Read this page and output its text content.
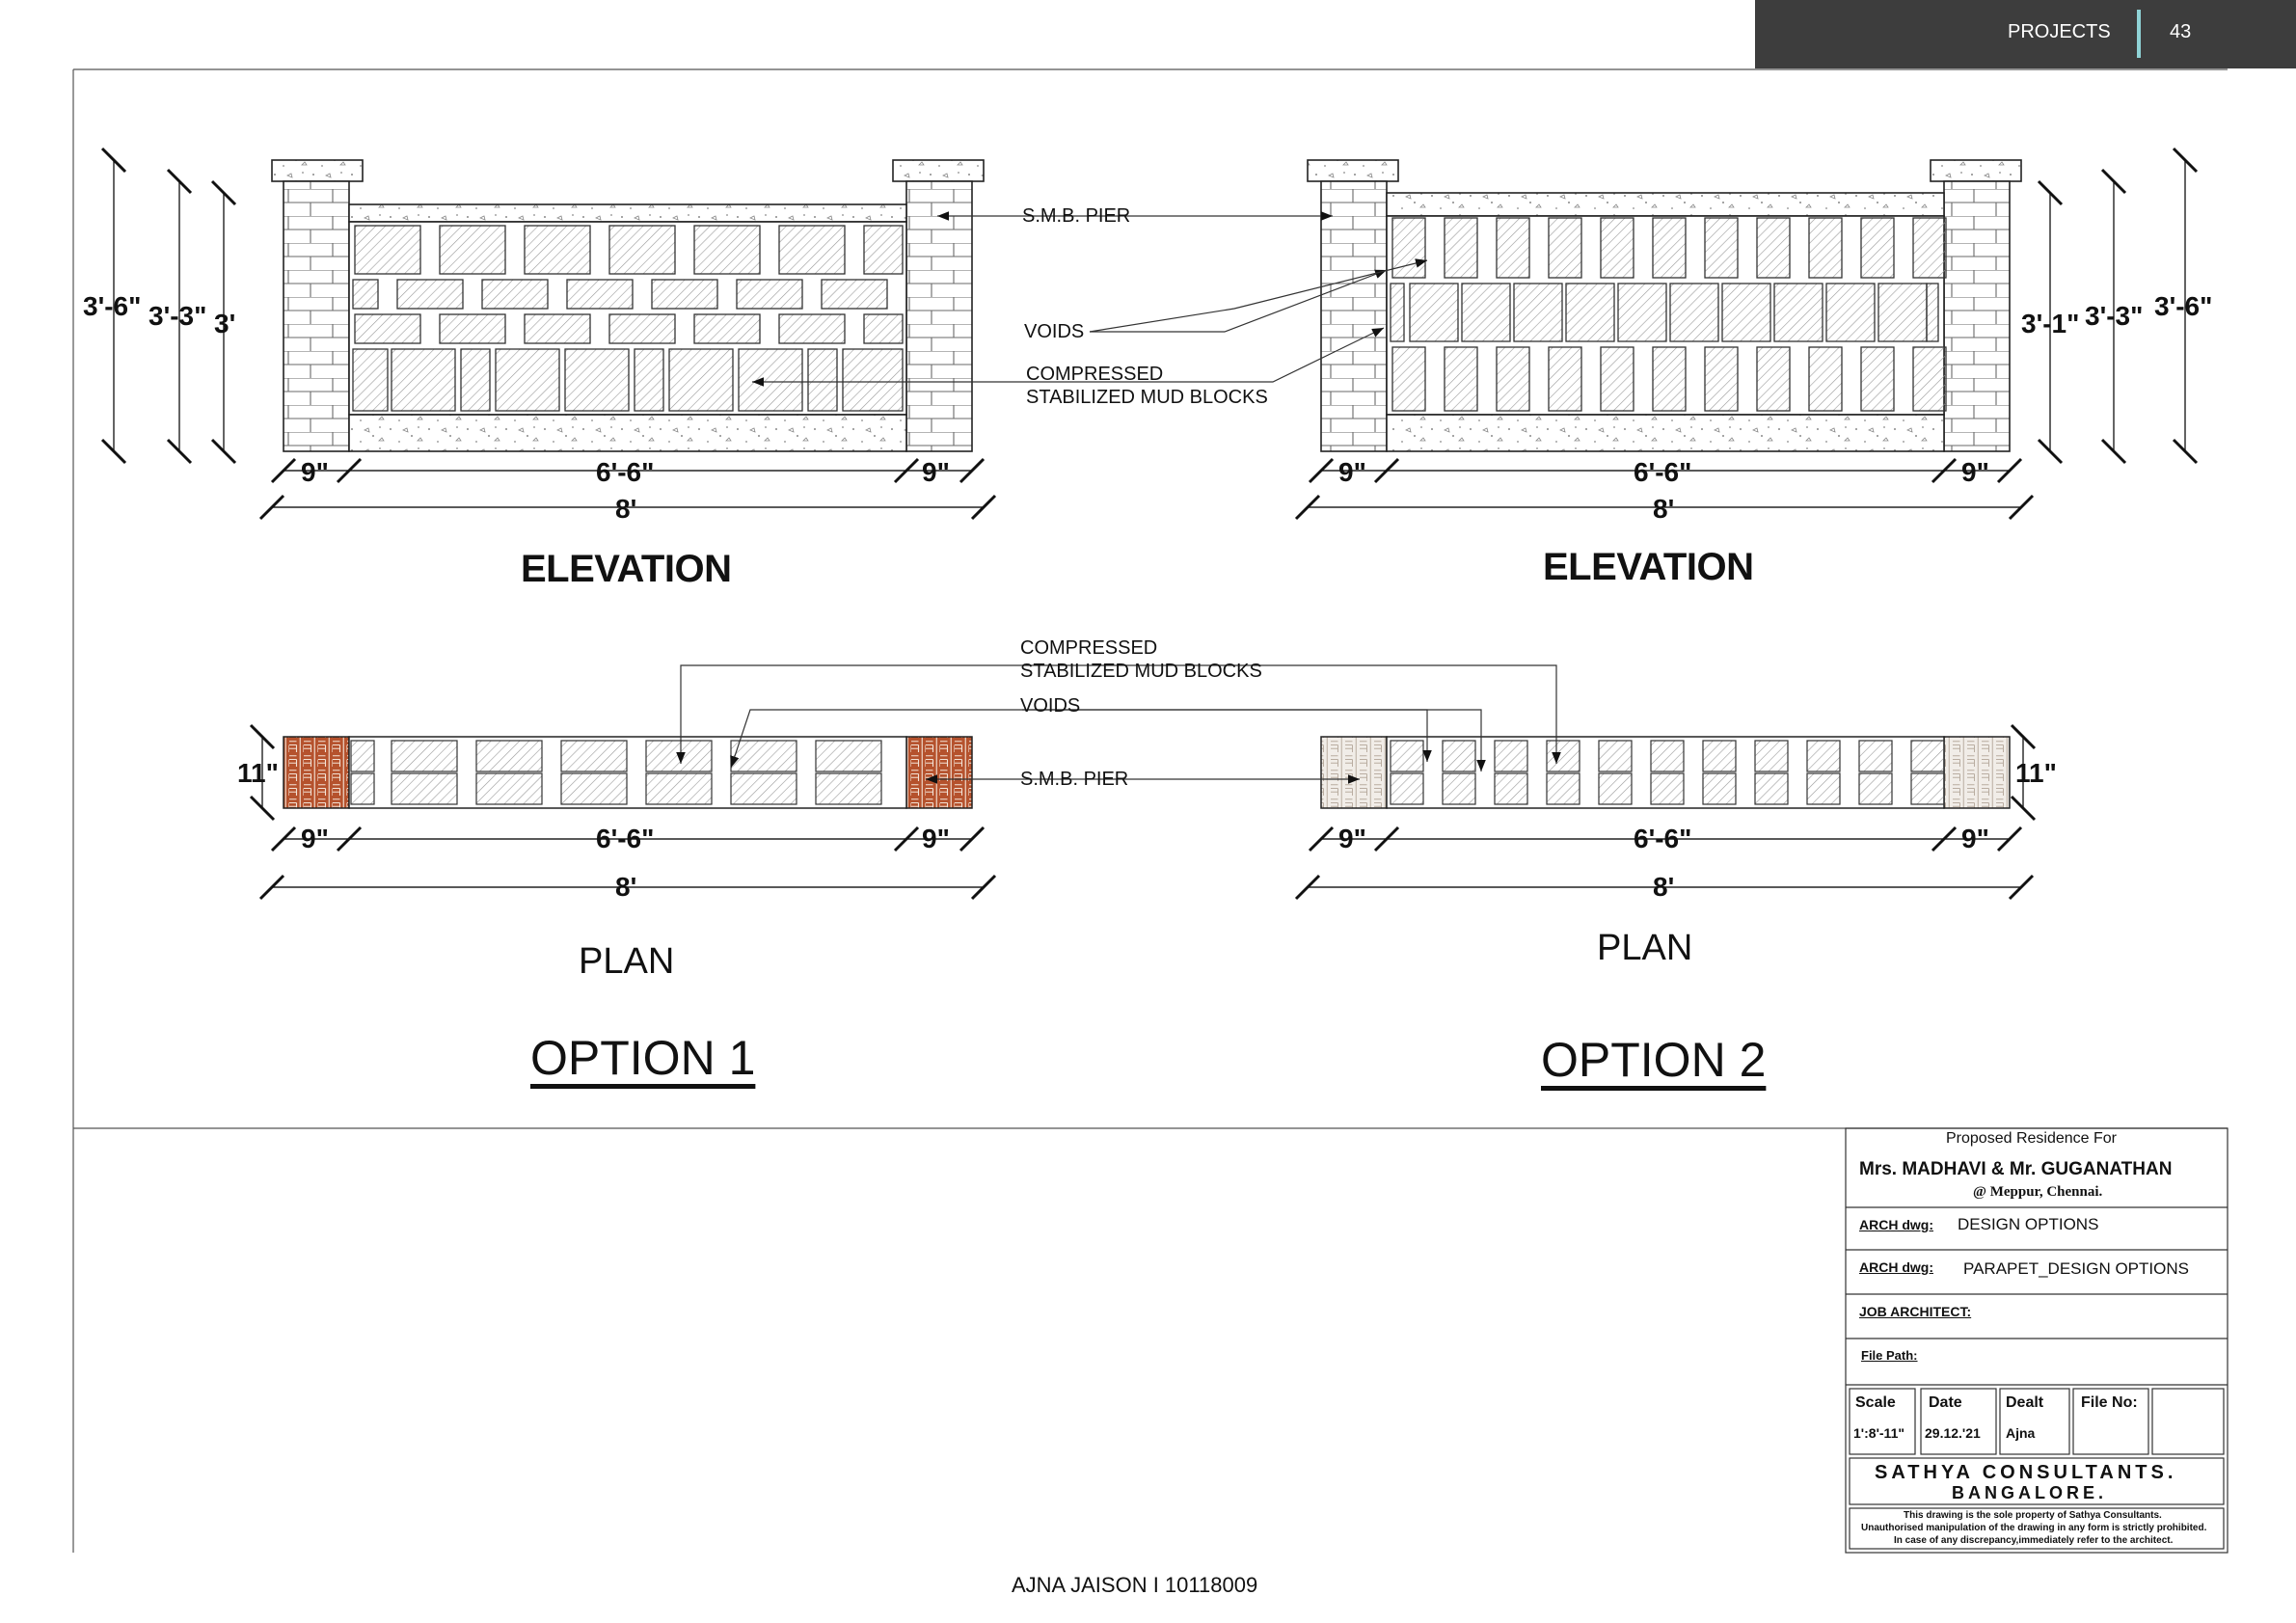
PROJECTS	43
ELEVATION
PLAN
OPTION 1
3'-6" 3'-3" 3'
9"	6'-6"	9"
8'
11"
9"	6'-6"	9"
8'
ELEVATION
PLAN
OPTION 2
3'-1" 3'-3" 3'-6"
9"	6'-6"	9"
8'
11"
9"	6'-6"	9"
8'
S.M.B. PIER
VOIDS
COMPRESSED
STABILIZED MUD BLOCKS
COMPRESSED
STABILIZED MUD BLOCKS
VOIDS
S.M.B. PIER
Proposed Residence For
Mrs. MADHAVI & Mr. GUGANATHAN
@ Meppur, Chennai.
ARCH dwg: DESIGN OPTIONS
ARCH dwg: PARAPET_DESIGN OPTIONS
JOB ARCHITECT:
File Path:
Scale
1':8'-11"
Date
29.12.'21
Dealt
Ajna
File No:
SATHYA CONSULTANTS.
BANGALORE.
This drawing is the sole property of Sathya Consultants.
Unauthorised manipulation of the drawing in any form is strictly prohibited.
In case of any discrepancy,immediately refer to the architect.
AJNA JAISON I 10118009
